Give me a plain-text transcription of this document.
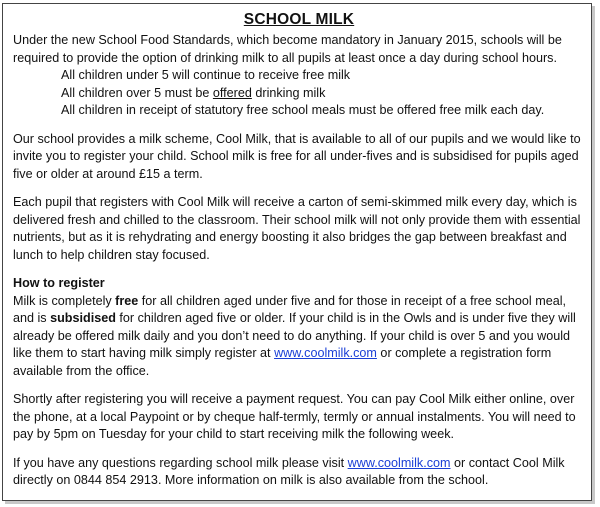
SCHOOL MILK

Under the new School Food Standards, which become mandatory in January 2015, schools will be required to provide the option of drinking milk to all pupils at least once a day during school hours.

All children under 5 will continue to receive free milk

All children over 5 must be offered drinking milk

All children in receipt of statutory free school meals must be offered free milk each day.

Our school provides a milk scheme, Cool Milk, that is available to all of our pupils and we would like to invite you to register your child. School milk is free for all under-fives and is subsidised for pupils aged five or older at around £15 a term.

Each pupil that registers with Cool Milk will receive a carton of semi-skimmed milk every day, which is delivered fresh and chilled to the classroom. Their school milk will not only provide them with essential nutrients, but as it is rehydrating and energy boosting it also bridges the gap between breakfast and lunch to help children stay focused.

How to register

Milk is completely free for all children aged under five and for those in receipt of a free school meal, and is subsidised for children aged five or older. If your child is in the Owls and is under five they will already be offered milk daily and you don’t need to do anything. If your child is over 5 and you would like them to start having milk simply register at www.coolmilk.com or complete a registration form available from the office.

Shortly after registering you will receive a payment request. You can pay Cool Milk either online, over the phone, at a local Paypoint or by cheque half-termly, termly or annual instalments. You will need to pay by 5pm on Tuesday for your child to start receiving milk the following week.

If you have any questions regarding school milk please visit www.coolmilk.com or contact Cool Milk directly on 0844 854 2913. More information on milk is also available from the school.
